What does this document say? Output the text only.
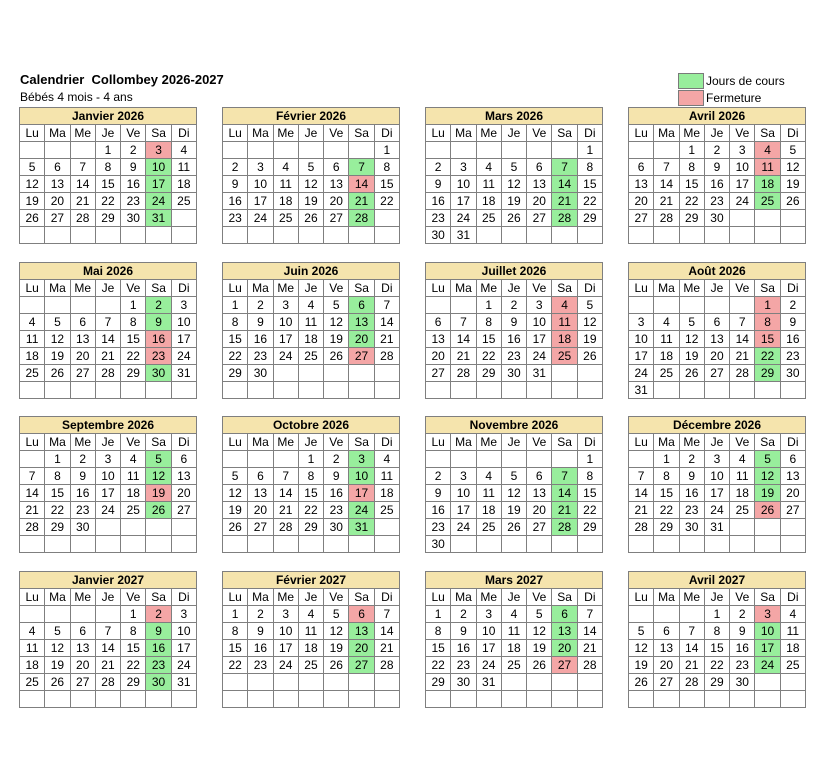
Calendrier  Collombey 2026-2027
Bébés 4 mois - 4 ans
Jours de cours
Fermeture
Janvier 2026						
Lu	Ma	Me	Je	Ve	Sa	Di
			1	2	3	4
5	6	7	8	9	10	11
12	13	14	15	16	17	18
19	20	21	22	23	24	25
26	27	28	29	30	31	

Février 2026						
Lu	Ma	Me	Je	Ve	Sa	Di
						1
2	3	4	5	6	7	8
9	10	11	12	13	14	15
16	17	18	19	20	21	22
23	24	25	26	27	28	

Mars 2026						
Lu	Ma	Me	Je	Ve	Sa	Di
						1
2	3	4	5	6	7	8
9	10	11	12	13	14	15
16	17	18	19	20	21	22
23	24	25	26	27	28	29
30	31					
Avril 2026						
Lu	Ma	Me	Je	Ve	Sa	Di
		1	2	3	4	5
6	7	8	9	10	11	12
13	14	15	16	17	18	19
20	21	22	23	24	25	26
27	28	29	30			

Mai 2026						
Lu	Ma	Me	Je	Ve	Sa	Di
				1	2	3
4	5	6	7	8	9	10
11	12	13	14	15	16	17
18	19	20	21	22	23	24
25	26	27	28	29	30	31

Juin 2026						
Lu	Ma	Me	Je	Ve	Sa	Di
1	2	3	4	5	6	7
8	9	10	11	12	13	14
15	16	17	18	19	20	21
22	23	24	25	26	27	28
29	30					

Juillet 2026						
Lu	Ma	Me	Je	Ve	Sa	Di
		1	2	3	4	5
6	7	8	9	10	11	12
13	14	15	16	17	18	19
20	21	22	23	24	25	26
27	28	29	30	31		

Août 2026						
Lu	Ma	Me	Je	Ve	Sa	Di
					1	2
3	4	5	6	7	8	9
10	11	12	13	14	15	16
17	18	19	20	21	22	23
24	25	26	27	28	29	30
31						
Septembre 2026						
Lu	Ma	Me	Je	Ve	Sa	Di
	1	2	3	4	5	6
7	8	9	10	11	12	13
14	15	16	17	18	19	20
21	22	23	24	25	26	27
28	29	30				

Octobre 2026						
Lu	Ma	Me	Je	Ve	Sa	Di
			1	2	3	4
5	6	7	8	9	10	11
12	13	14	15	16	17	18
19	20	21	22	23	24	25
26	27	28	29	30	31	

Novembre 2026						
Lu	Ma	Me	Je	Ve	Sa	Di
						1
2	3	4	5	6	7	8
9	10	11	12	13	14	15
16	17	18	19	20	21	22
23	24	25	26	27	28	29
30						
Décembre 2026						
Lu	Ma	Me	Je	Ve	Sa	Di
	1	2	3	4	5	6
7	8	9	10	11	12	13
14	15	16	17	18	19	20
21	22	23	24	25	26	27
28	29	30	31			

Janvier 2027						
Lu	Ma	Me	Je	Ve	Sa	Di
				1	2	3
4	5	6	7	8	9	10
11	12	13	14	15	16	17
18	19	20	21	22	23	24
25	26	27	28	29	30	31

Février 2027						
Lu	Ma	Me	Je	Ve	Sa	Di
1	2	3	4	5	6	7
8	9	10	11	12	13	14
15	16	17	18	19	20	21
22	23	24	25	26	27	28

Mars 2027						
Lu	Ma	Me	Je	Ve	Sa	Di
1	2	3	4	5	6	7
8	9	10	11	12	13	14
15	16	17	18	19	20	21
22	23	24	25	26	27	28
29	30	31				

Avril 2027						
Lu	Ma	Me	Je	Ve	Sa	Di
			1	2	3	4
5	6	7	8	9	10	11
12	13	14	15	16	17	18
19	20	21	22	23	24	25
26	27	28	29	30		
